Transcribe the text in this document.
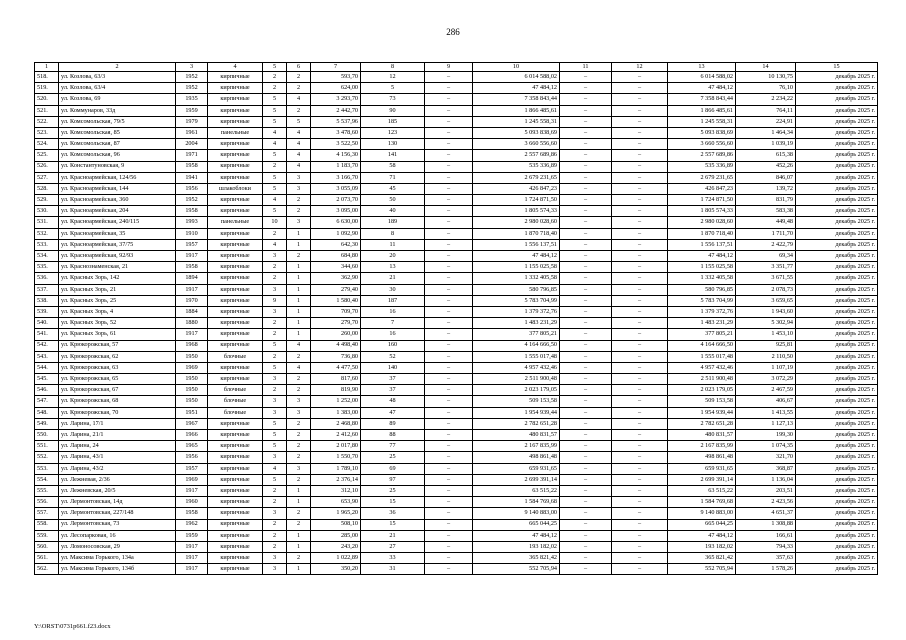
286
1	2	3	4	5	6	7	8	9	10	11	12	13	14	15
518.	ул. Козлова, 63/3	1952	кирпичные	2	2	593,70	12	–	6 014 588,02	–	–	6 014 588,02	10 130,75	декабрь 2025 г.
519.	ул. Козлова, 63/4	1952	кирпичные	2	2	624,00	5	–	47 484,12	–	–	47 484,12	76,10	декабрь 2025 г.
520.	ул. Козлова, 69	1935	кирпичные	5	4	3 293,70	73	–	7 358 843,44	–	–	7 358 843,44	2 234,22	декабрь 2025 г.
521.	ул. Коммунаров, 33д	1959	кирпичные	5	2	2 442,70	90	–	1 866 485,61	–	–	1 866 485,61	764,11	декабрь 2025 г.
522.	ул. Комсомольская, 79/5	1979	кирпичные	5	5	5 537,96	185	–	1 245 558,31	–	–	1 245 558,31	224,91	декабрь 2025 г.
523.	ул. Комсомольская, 85	1961	панельные	4	4	3 478,60	123	–	5 093 838,69	–	–	5 093 838,69	1 464,34	декабрь 2025 г.
524.	ул. Комсомольская, 87	2004	кирпичные	4	4	3 522,50	130	–	3 660 556,60	–	–	3 660 556,60	1 039,19	декабрь 2025 г.
525.	ул. Комсомольская, 96	1971	кирпичные	5	4	4 156,30	141	–	2 557 689,86	–	–	2 557 689,86	615,38	декабрь 2025 г.
526.	ул. Константуновская, 9	1958	кирпичные	2	4	1 183,70	58	–	535 336,89	–	–	535 336,89	452,26	декабрь 2025 г.
527.	ул. Красноармейская, 124/56	1941	кирпичные	5	3	3 166,70	71	–	2 679 231,65	–	–	2 679 231,65	846,07	декабрь 2025 г.
528.	ул. Красноармейская, 144	1956	шлакоблоки	5	3	3 055,09	45	–	426 847,23	–	–	426 847,23	139,72	декабрь 2025 г.
529.	ул. Красноармейская, 360	1952	кирпичные	4	2	2 073,70	50	–	1 724 871,50	–	–	1 724 871,50	831,79	декабрь 2025 г.
530.	ул. Красноармейская, 204	1958	кирпичные	5	2	3 095,00	40	–	1 805 574,33	–	–	1 805 574,33	583,38	декабрь 2025 г.
531.	ул. Красноармейская, 240/115	1993	панельные	10	3	6 630,00	189	–	2 980 028,60	–	–	2 980 028,60	449,48	декабрь 2025 г.
532.	ул. Красноармейская, 35	1910	кирпичные	2	1	1 092,90	8	–	1 870 718,40	–	–	1 870 718,40	1 711,70	декабрь 2025 г.
533.	ул. Красноармейская, 37/75	1957	кирпичные	4	1	642,30	11	–	1 556 137,51	–	–	1 556 137,51	2 422,79	декабрь 2025 г.
534.	ул. Красноармейская, 92/93	1917	кирпичные	3	2	684,80	20	–	47 484,12	–	–	47 484,12	69,34	декабрь 2025 г.
535.	ул. Краснознаменская, 21	1958	кирпичные	2	1	344,60	13	–	1 155 025,58	–	–	1 155 025,58	3 351,77	декабрь 2025 г.
536.	ул. Красных Зорь, 142	1894	кирпичные	2	1	362,90	21	–	1 332 405,58	–	–	1 332 405,58	3 671,55	декабрь 2025 г.
537.	ул. Красных Зорь, 21	1917	кирпичные	3	1	279,40	30	–	580 796,85	–	–	580 796,85	2 078,73	декабрь 2025 г.
538.	ул. Красных Зорь, 25	1970	кирпичные	9	1	1 580,40	187	–	5 783 704,99	–	–	5 783 704,99	3 659,65	декабрь 2025 г.
539.	ул. Красных Зорь, 4	1884	кирпичные	3	1	709,70	16	–	1 379 372,76	–	–	1 379 372,76	1 943,60	декабрь 2025 г.
540.	ул. Красных Зорь, 52	1880	кирпичные	2	1	279,70	7	–	1 483 231,29	–	–	1 483 231,29	5 302,94	декабрь 2025 г.
541.	ул. Красных Зорь, 61	1917	кирпичные	2	1	260,00	16	–	377 805,21	–	–	377 805,21	1 453,10	декабрь 2025 г.
542.	ул. Крюкорожская, 57	1968	кирпичные	5	4	4 498,40	160	–	4 164 666,50	–	–	4 164 666,50	925,81	декабрь 2025 г.
543.	ул. Крюкорожская, 62	1950	блочные	2	2	736,80	52	–	1 555 017,48	–	–	1 555 017,48	2 110,50	декабрь 2025 г.
544.	ул. Крюкорожская, 63	1969	кирпичные	5	4	4 477,50	140	–	4 957 432,46	–	–	4 957 432,46	1 107,19	декабрь 2025 г.
545.	ул. Крюкорожская, 65	1950	кирпичные	3	2	817,60	37	–	2 511 900,48	–	–	2 511 900,48	3 072,29	декабрь 2025 г.
546.	ул. Крюкорожская, 67	1950	блочные	2	2	819,90	37	–	2 023 179,05	–	–	2 023 179,05	2 467,59	декабрь 2025 г.
547.	ул. Крюкорожская, 68	1950	блочные	3	3	1 252,00	48	–	509 153,58	–	–	509 153,58	406,67	декабрь 2025 г.
548.	ул. Крюкорожская, 70	1951	блочные	3	3	1 383,00	47	–	1 954 939,44	–	–	1 954 939,44	1 413,55	декабрь 2025 г.
549.	ул. Ларина, 17/1	1967	кирпичные	5	2	2 468,80	89	–	2 782 651,28	–	–	2 782 651,28	1 127,13	декабрь 2025 г.
550.	ул. Ларина, 21/1	1966	кирпичные	5	2	2 412,60	88	–	480 831,57	–	–	480 831,57	199,30	декабрь 2025 г.
551.	ул. Ларина, 24	1965	кирпичные	5	2	2 017,80	77	–	2 167 835,99	–	–	2 167 835,99	1 074,35	декабрь 2025 г.
552.	ул. Ларина, 43/1	1956	кирпичные	3	2	1 550,70	25	–	498 861,48	–	–	498 861,48	321,70	декабрь 2025 г.
553.	ул. Ларина, 43/2	1957	кирпичные	4	3	1 789,10	69	–	659 931,65	–	–	659 931,65	368,87	декабрь 2025 г.
554.	ул. Лежневая, 2/36	1969	кирпичные	5	2	2 376,14	97	–	2 699 391,14	–	–	2 699 391,14	1 136,04	декабрь 2025 г.
555.	ул. Лежневская, 20/5	1917	кирпичные	2	1	312,10	25	–	63 515,22	–	–	63 515,22	203,51	декабрь 2025 г.
556.	ул. Лермонтовская, 14д	1960	кирпичные	2	1	653,90	15	–	1 584 769,68	–	–	1 584 769,68	2 423,56	декабрь 2025 г.
557.	ул. Лермонтовская, 227/148	1958	кирпичные	3	2	1 965,20	36	–	9 140 883,00	–	–	9 140 883,00	4 651,37	декабрь 2025 г.
558.	ул. Лермонтовская, 73	1962	кирпичные	2	2	508,10	15	–	665 044,25	–	–	665 044,25	1 308,88	декабрь 2025 г.
559.	ул. Лесопарковая, 16	1959	кирпичные	2	1	285,00	21	–	47 484,12	–	–	47 484,12	166,61	декабрь 2025 г.
560.	ул. Ломоносовская, 29	1917	кирпичные	2	1	243,20	27	–	193 182,02	–	–	193 182,02	794,33	декабрь 2025 г.
561.	ул. Максима Горького, 134а	1917	кирпичные	3	2	1 022,89	33	–	365 821,42	–	–	365 821,42	357,63	декабрь 2025 г.
562.	ул. Максима Горького, 134б	1917	кирпичные	3	1	350,20	31	–	552 705,94	–	–	552 705,94	1 578,26	декабрь 2025 г.
Y:\ORST\0731p661.f23.docx
